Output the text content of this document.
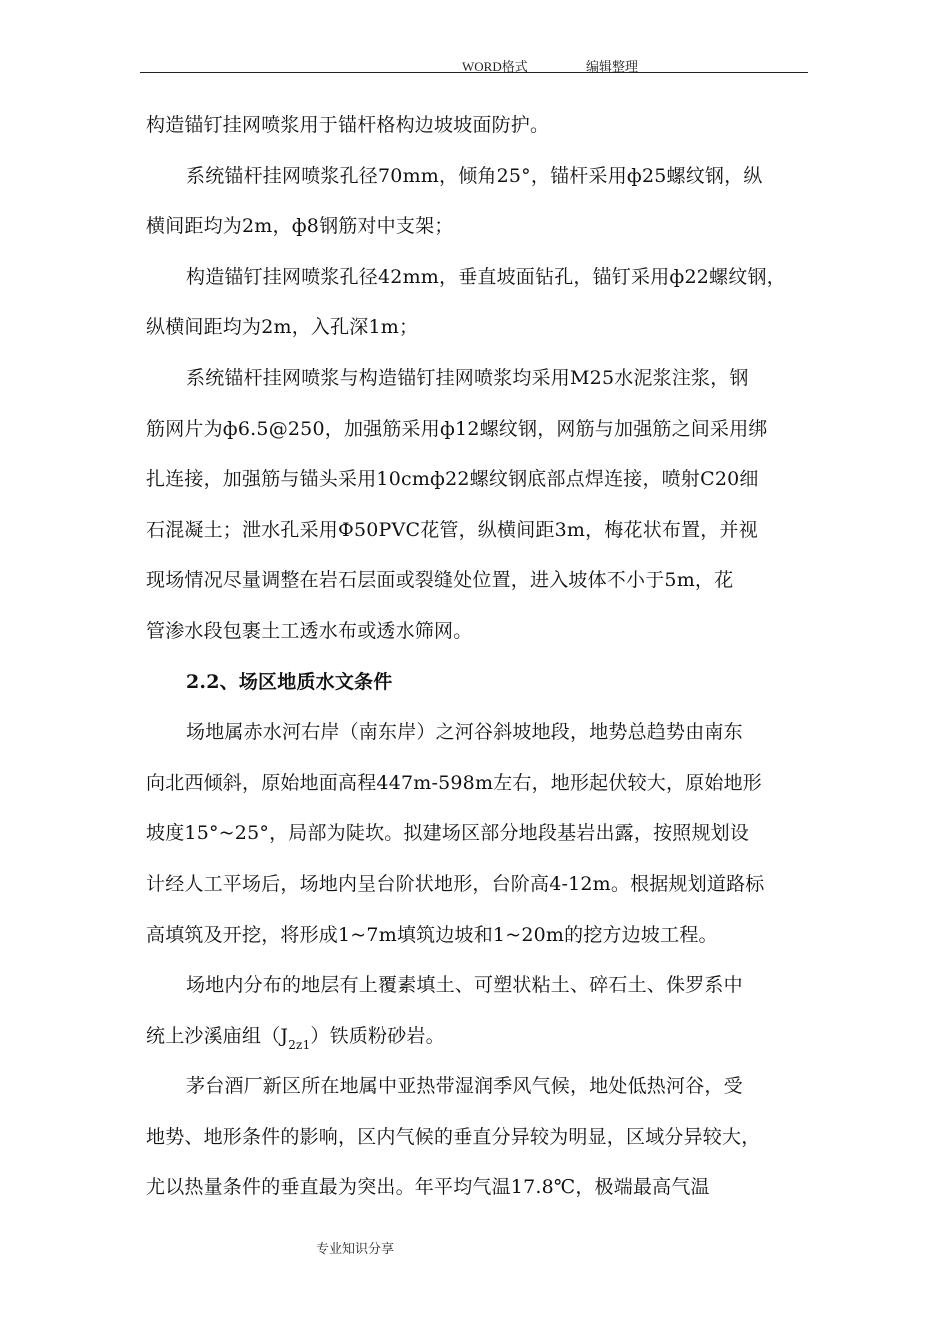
WORD格式	编辑整理
构造锚钉挂网喷浆用于锚杆格构边坡坡面防护。
系统锚杆挂网喷浆孔径70mm，倾角25°，锚杆采用ф25螺纹钢，纵
横间距均为2m，ф8钢筋对中支架；
构造锚钉挂网喷浆孔径42mm，垂直坡面钻孔，锚钉采用ф22螺纹钢，
纵横间距均为2m，入孔深1m；
系统锚杆挂网喷浆与构造锚钉挂网喷浆均采用M25水泥浆注浆，钢
筋网片为ф6.5@250，加强筋采用ф12螺纹钢，网筋与加强筋之间采用绑
扎连接，加强筋与锚头采用10cmф22螺纹钢底部点焊连接，喷射C20细
石混凝土；泄水孔采用Ф50PVC花管，纵横间距3m，梅花状布置，并视
现场情况尽量调整在岩石层面或裂缝处位置，进入坡体不小于5m，花
管渗水段包裹土工透水布或透水筛网。
2.2、场区地质水文条件
场地属赤水河右岸（南东岸）之河谷斜坡地段，地势总趋势由南东
向北西倾斜，原始地面高程447m-598m左右，地形起伏较大，原始地形
坡度15°~25°，局部为陡坎。拟建场区部分地段基岩出露，按照规划设
计经人工平场后，场地内呈台阶状地形，台阶高4-12m。根据规划道路标
高填筑及开挖，将形成1~7m填筑边坡和1~20m的挖方边坡工程。
场地内分布的地层有上覆素填土、可塑状粘土、碎石土、侏罗系中
统上沙溪庙组$(J_{2z1})$铁质粉砂岩。
茅台酒厂新区所在地属中亚热带湿润季风气候，地处低热河谷，受
地势、地形条件的影响，区内气候的垂直分异较为明显，区域分异较大，
尤以热量条件的垂直最为突出。年平均气温17.8℃，极端最高气温
专业知识分享
